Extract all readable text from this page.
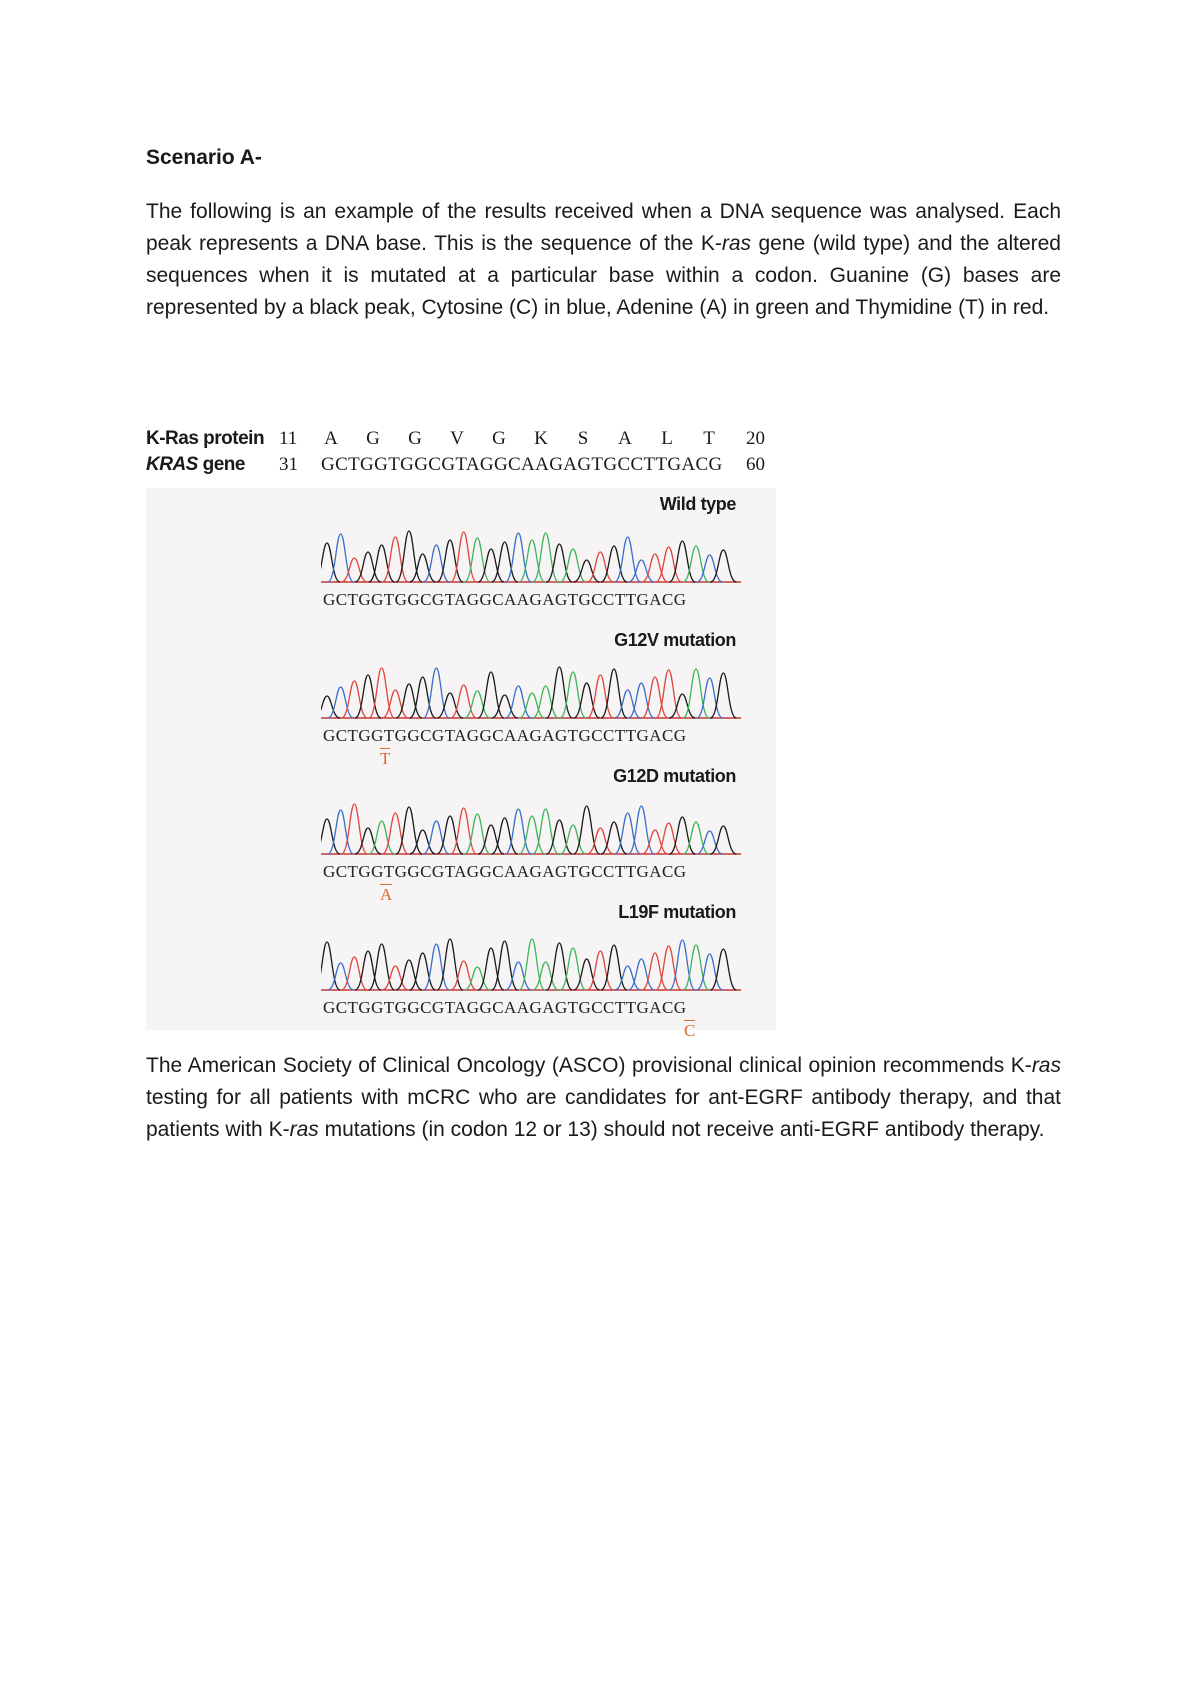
Scenario A-

The following is an example of the results received when a DNA sequence was analysed. Each peak represents a DNA base. This is the sequence of the K-ras gene (wild type) and the altered sequences when it is mutated at a particular base within a codon. Guanine (G) bases are represented by a black peak, Cytosine (C) in blue, Adenine (A) in green and Thymidine (T) in red.

K-Ras protein 11 A G G V G K S A L T 20
KRAS gene 31 GCTGGTGGCGTAGGCAAGAGTGCCTTGACG 60
Wild type
GCTGGTGGCGTAGGCAAGAGTGCCTTGACG
G12V mutation
GCTGGTGGCGTAGGCAAGAGTGCCTTGACG
T
G12D mutation
GCTGGTGGCGTAGGCAAGAGTGCCTTGACG
A
L19F mutation
GCTGGTGGCGTAGGCAAGAGTGCCTTGACG
C

The American Society of Clinical Oncology (ASCO) provisional clinical opinion recommends K-ras testing for all patients with mCRC who are candidates for ant-EGRF antibody therapy, and that patients with K-ras mutations (in codon 12 or 13) should not receive anti-EGRF antibody therapy.
